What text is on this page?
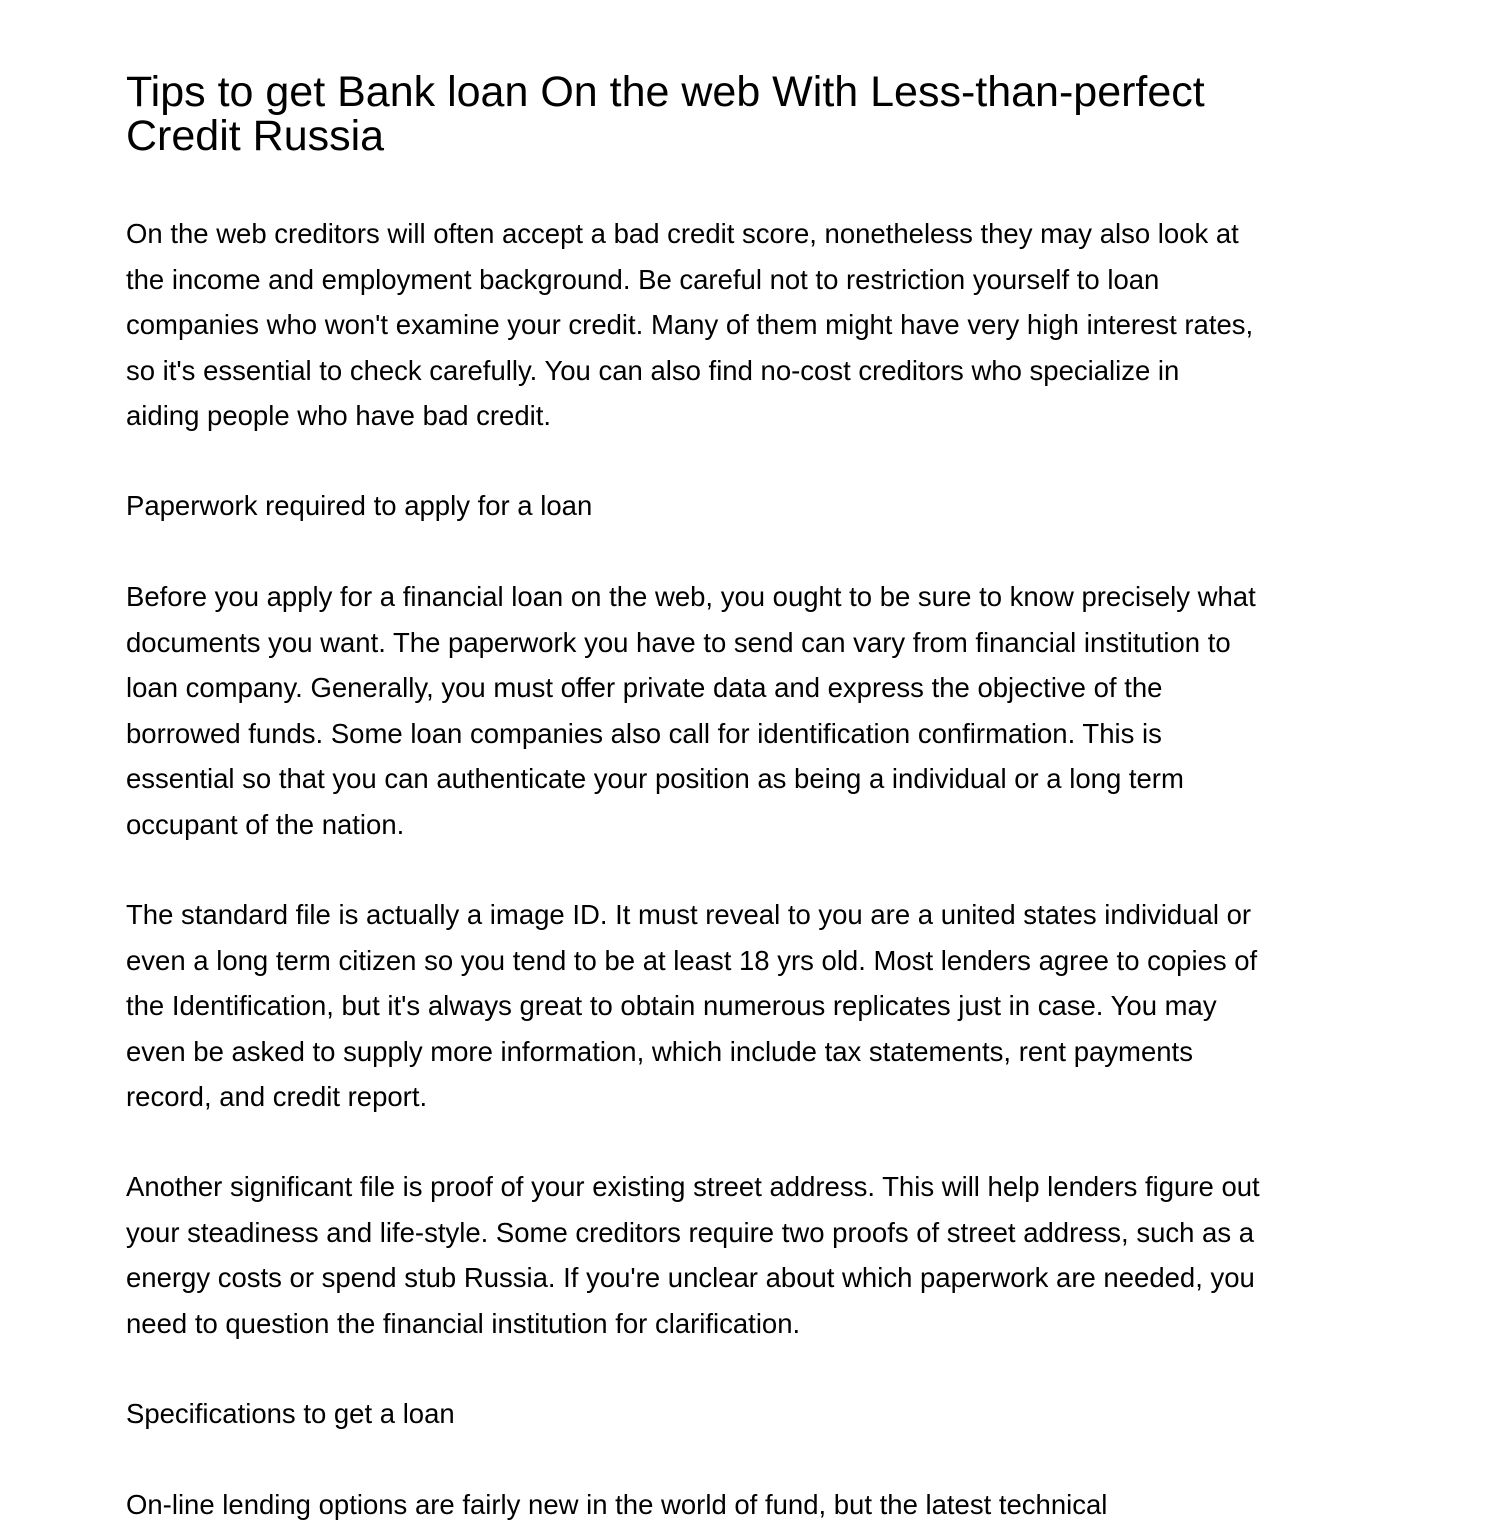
Tips to get Bank loan On the web With Less-than-perfect
Credit Russia

On the web creditors will often accept a bad credit score, nonetheless they may also look at
the income and employment background. Be careful not to restriction yourself to loan
companies who won't examine your credit. Many of them might have very high interest rates,
so it's essential to check carefully. You can also find no-cost creditors who specialize in
aiding people who have bad credit.

Paperwork required to apply for a loan

Before you apply for a financial loan on the web, you ought to be sure to know precisely what
documents you want. The paperwork you have to send can vary from financial institution to
loan company. Generally, you must offer private data and express the objective of the
borrowed funds. Some loan companies also call for identification confirmation. This is
essential so that you can authenticate your position as being a individual or a long term
occupant of the nation.

The standard file is actually a image ID. It must reveal to you are a united states individual or
even a long term citizen so you tend to be at least 18 yrs old. Most lenders agree to copies of
the Identification, but it's always great to obtain numerous replicates just in case. You may
even be asked to supply more information, which include tax statements, rent payments
record, and credit report.

Another significant file is proof of your existing street address. This will help lenders figure out
your steadiness and life-style. Some creditors require two proofs of street address, such as a
energy costs or spend stub Russia. If you're unclear about which paperwork are needed, you
need to question the financial institution for clarification.

Specifications to get a loan

On-line lending options are fairly new in the world of fund, but the latest technical
